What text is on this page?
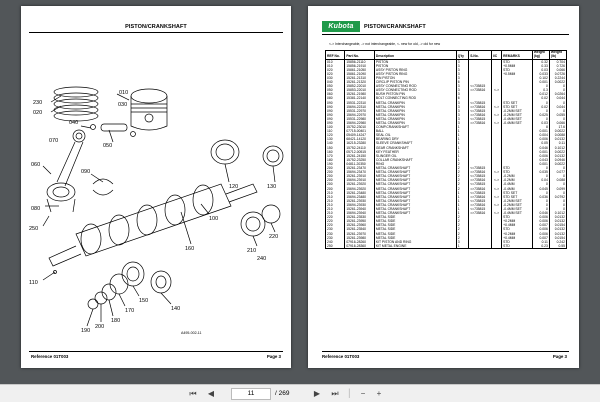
PISTON/CRANKSHAFT
230
020
010
030
040
050
060
080
250
090
100
110
120	130
140
150
160
170
180
190
200
210
220
240
070
A495-002-11
Reference 01T003	Page 3
Kubota	PISTON/CRANKSHAFT
<-> Interchangeable, -> not interchangeable, <- new for old, -> old for new
REF No.	Part No.	Description	Q'ty	S.No.	I/C	REMARKS	Weight (kg)	Weight (lb)
010	15856-21110	PISTON	3			STD	0.32	0.704
010	15856-21910	PISTON	3			+0.5MM	0.33	0.726
020	15861-21050	ASSY PISTON RING	3			STD	0.03	0.066
020	15861-21090	ASSY PISTON RING	3			+0.5MM	0.033	0.0726
030	15261-21310	PIN PISTON	3				0.102	0.2244
040	15261-21320	CIRCLIP PISTON PIN	6				0.001	0.0022
050	15852-22010	ASSY CONNECTING ROD	3	<=735815			0	0
050	15853-22010	ASSY CONNECTING ROD	3	=>735816	<->		0.3	0
060	15261-21980	BUSH PISTON PIN	3				0.012	0.0264
080	15381-22140	BOLT CONNECTING ROD	6				0.02	0.044
090	15531-22310	METAL CRANKPIN	3	<=735815		STD SET	0	0
090	15694-22310	METAL CRANKPIN	3	=>735816	<->	STD SET	0.02	0.044
090	15531-22970	METAL CRANKPIN	3	<=735815		-0.2MM SET	0	0
090	15694-22970	METAL CRANKPIN	3	=>735816	<->	-0.2MM SET	0.025	0.055
090	15531-22980	METAL CRANKPIN	3	<=735815		-0.4MM SET	0	0
090	15694-22980	METAL CRANKPIN	3	=>735816	<->	-0.4MM SET	0.03	0.066
100	15752-23010	COMP.CRANKSHAFT	1				8	17.6
110	07715-00401	BALL	1				0.001	0.0022
120	05409-14247	SEAL OIL	1				0.004	0.0088
130	68421-14120	BEARING DRY	1				0.006	0.0132
140	16215-23280	SLEEVE CRANKSHAFT	1				0.05	0.11
150	15752-24110	GEAR CRANKSHAFT	1				0.046	0.1012
160	05712-00515	KEY FEATHER	1				0.001	0.0022
170	15261-24150	SLINGER OIL	1				0.006	0.0132
180	15752-23250	COLLAR CRANKSHAFT	1				0.043	0.0946
190	04811-20350	RING	2				0.001	0.0022
200	15261-23470	METAL CRANKSHAFT	2	<=735815		STD	0	0
200	15694-23470	METAL CRANKSHAFT	2	=>735816	<->	STD	0.035	0.077
200	15261-23910	METAL CRANKSHAFT	2	<=735815		-0.2MM	0	0
200	15694-23910	METAL CRANKSHAFT	2	=>735816	<->	-0.2MM	0.04	0.088
200	15261-23920	METAL CRANKSHAFT	2	<=735815		-0.4MM	0	0
200	15694-23920	METAL CRANKSHAFT	2	=>735816	<->	-0.4MM	0.045	0.099
210	15261-23480	METAL CRANKSHAFT	1	<=735815		STD SET	0	0
210	15694-23480	METAL CRANKSHAFT	1	=>735816	<->	STD SET	0.036	0.0792
210	15261-23930	METAL CRANKSHAFT	1	<=735815		-0.2MM SET	0	0
210	15694-23930	METAL CRANKSHAFT	1	=>735816	<->	-0.2MM SET	0	0
210	15261-23940	METAL CRANKSHAFT	1	<=735815		-0.4MM SET	0	0
210	15694-23940	METAL CRANKSHAFT	1	=>735816	<->	-0.4MM SET	0.046	0.1012
220	15261-23530	METAL SIDE	2			STD	0.006	0.0132
220	15261-23950	METAL SIDE	2			+0.2MM	0.006	0.0132
220	15261-23960	METAL SIDE	2			+0.4MM	0.007	0.0154
230	15261-23540	METAL SIDE	2			STD	0.006	0.0132
230	15261-23970	METAL SIDE	2			+0.2MM	0.006	0.0132
230	15261-23980	METAL SIDE	2			+0.4MM	0.007	0.0154
240	07916-28260	KIT PISTON AND RING	3			STD	0.11	0.242
250	07916-28360	KIT METAL ENGINE	1			STD	0.23	0.55
Reference 01T003	Page 3
⏮	◀	11	/ 269	▶	⏭ |	−	+
